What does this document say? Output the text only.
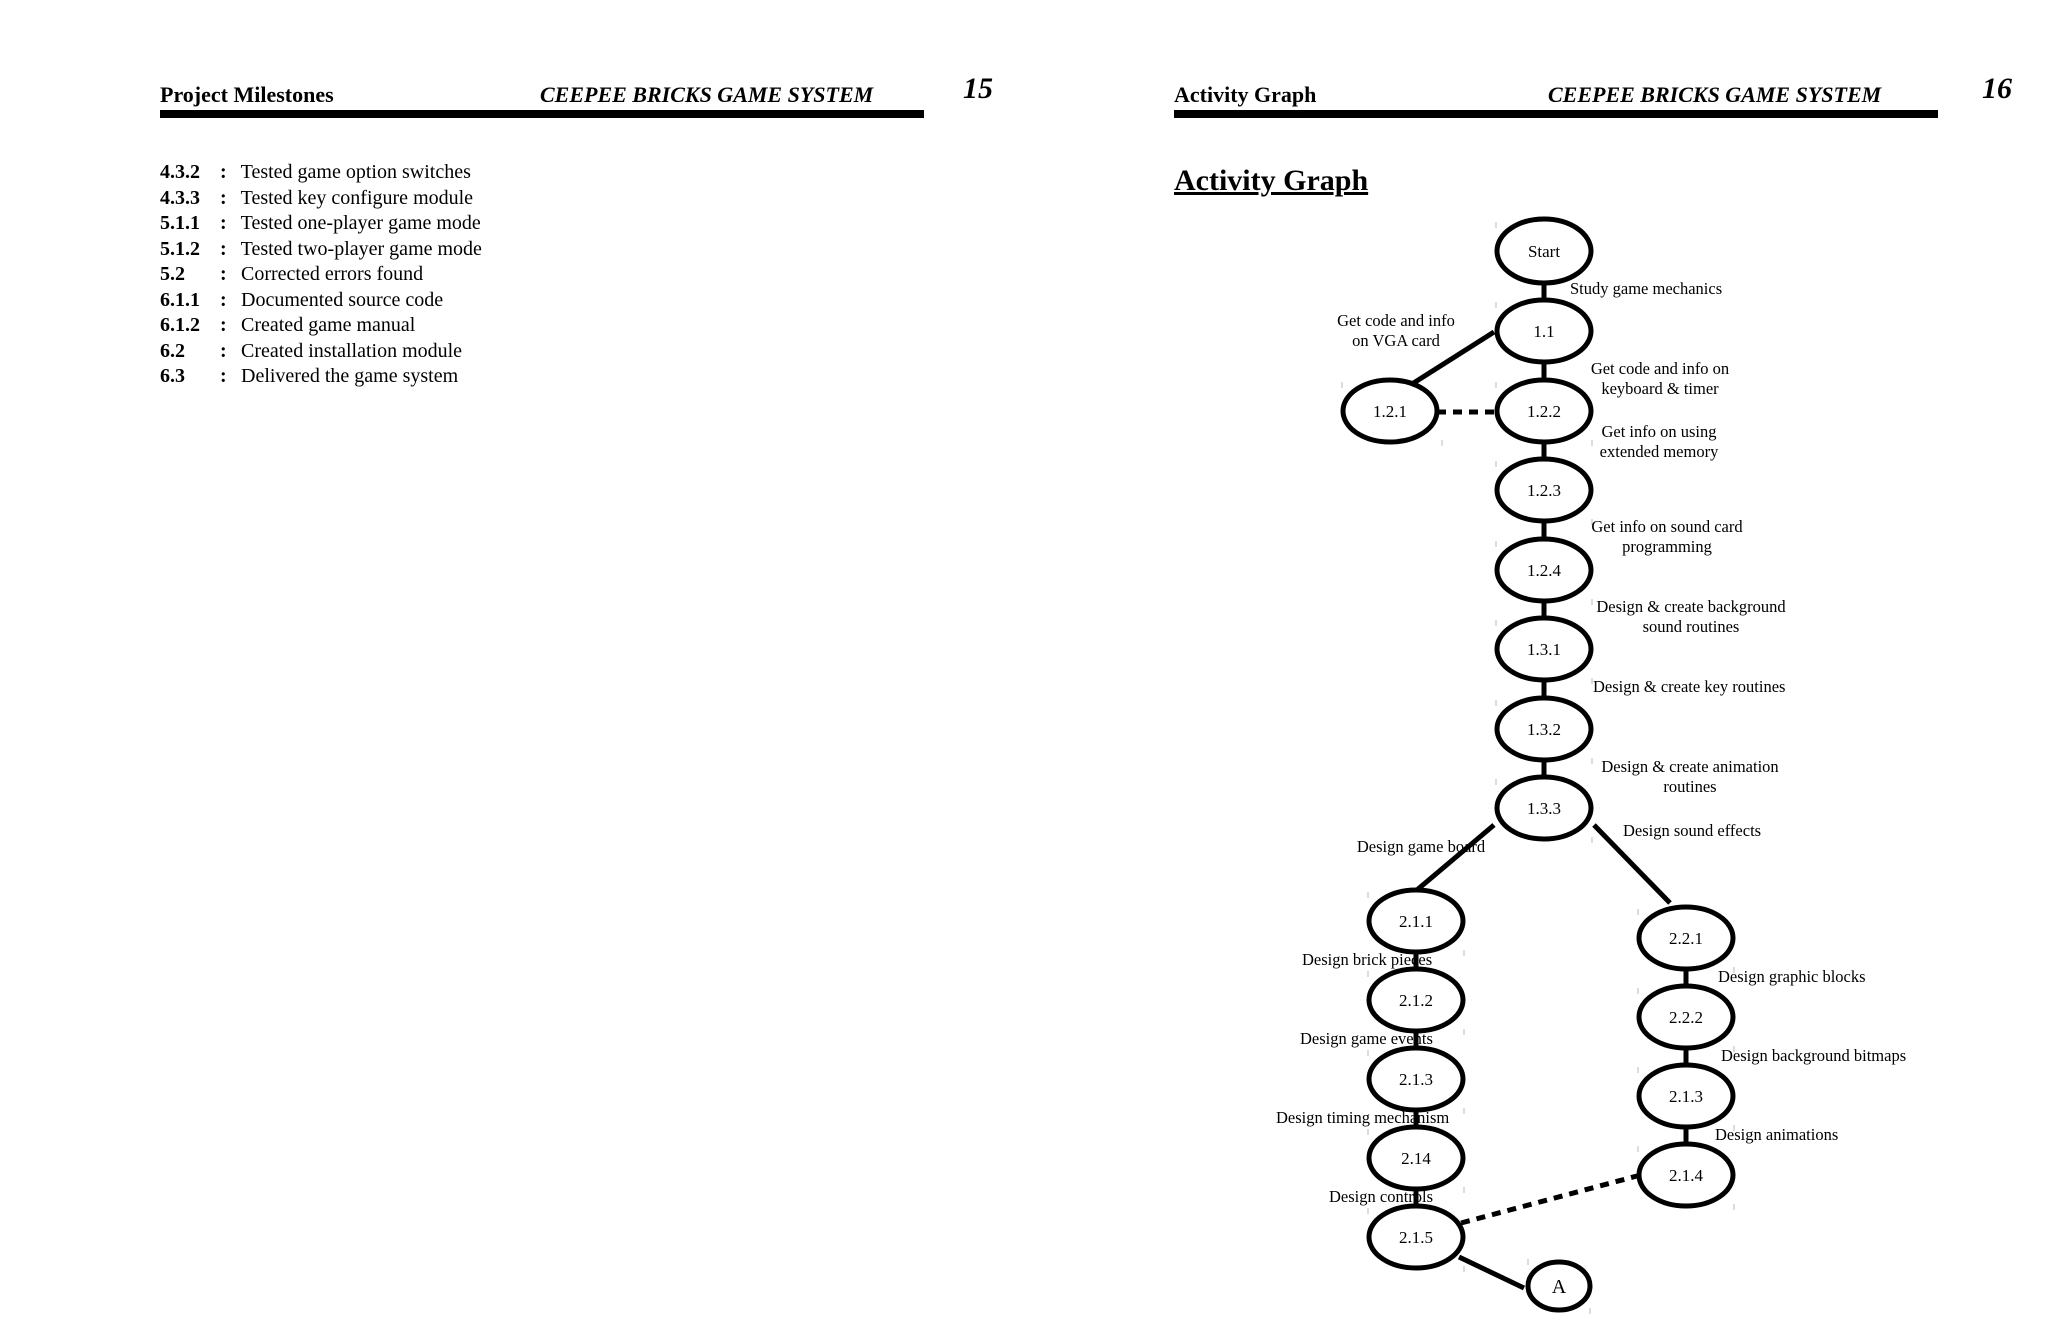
Project Milestones	CEEPEE BRICKS GAME SYSTEM	15
4.3.2 : Tested game option switches
4.3.3 : Tested key configure module
5.1.1 : Tested one-player game mode
5.1.2 : Tested two-player game mode
5.2 : Corrected errors found
6.1.1 : Documented source code
6.1.2 : Created game manual
6.2 : Created installation module
6.3 : Delivered the game system
Activity Graph	CEEPEE BRICKS GAME SYSTEM	16
Activity Graph
Start
1.1
1.2.1	1.2.2
1.2.3
1.2.4
1.3.1
1.3.2
1.3.3
2.1.1
2.1.2
2.1.3
2.14
2.1.5
2.2.1
2.2.2
2.1.3
2.1.4
A
Study game mechanics
Get code and info
on VGA card
Get code and info on
keyboard & timer
Get info on using
extended memory
Get info on sound card
programming
Design & create background
sound routines
Design & create key routines
Design & create animation
routines
Design game board
Design sound effects
Design brick pieces
Design game events
Design timing mechanism
Design controls
Design graphic blocks
Design background bitmaps
Design animations
